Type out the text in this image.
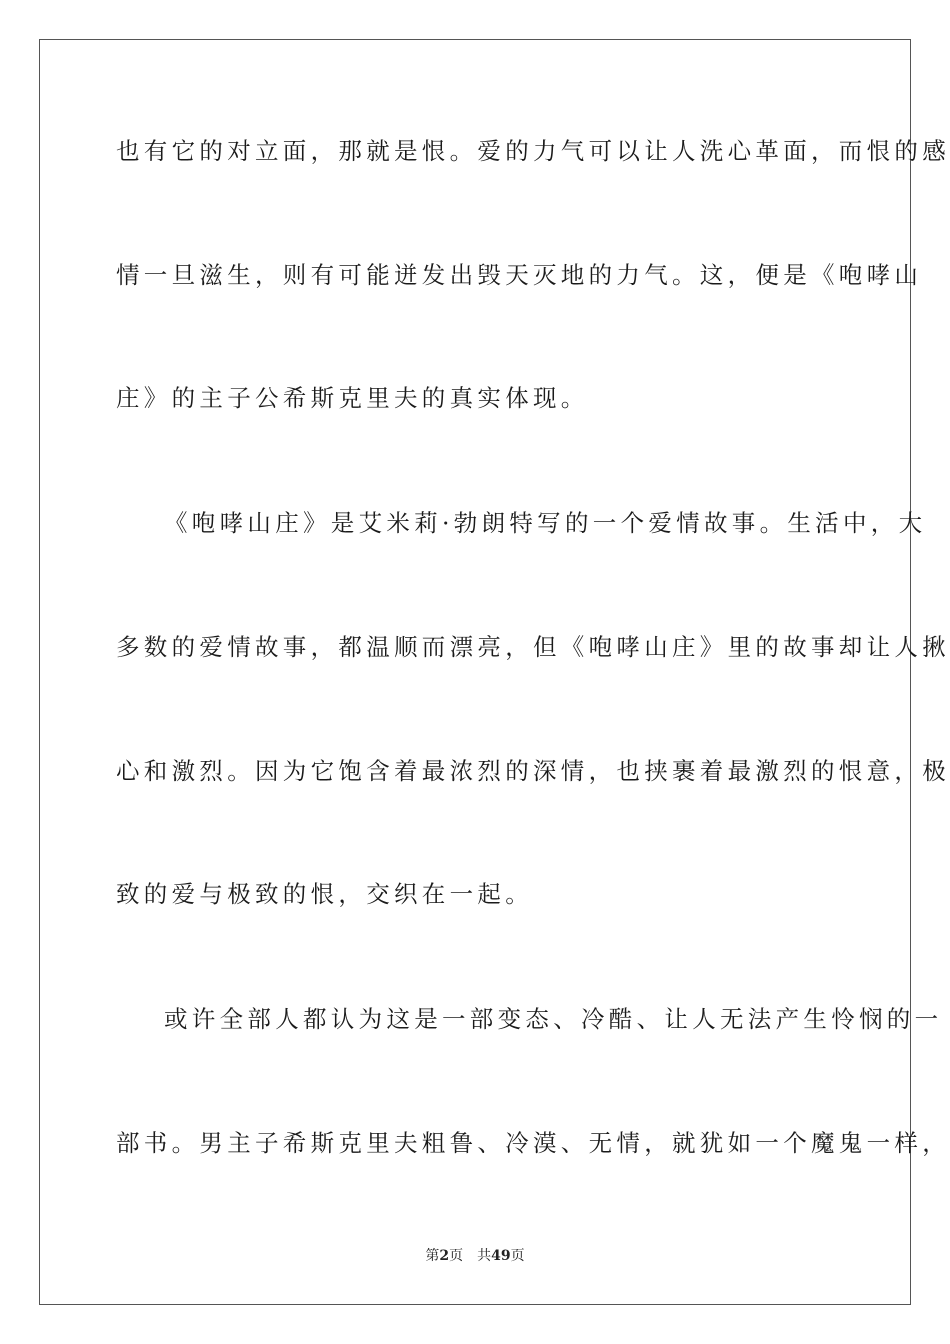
也有它的对立面，那就是恨。爱的力气可以让人洗心革面，而恨的感
情一旦滋生，则有可能迸发出毁天灭地的力气。这，便是《咆哮山
庄》的主子公希斯克里夫的真实体现。
《咆哮山庄》是艾米莉·勃朗特写的一个爱情故事。生活中，大
多数的爱情故事，都温顺而漂亮，但《咆哮山庄》里的故事却让人揪
心和激烈。因为它饱含着最浓烈的深情，也挟裹着最激烈的恨意，极
致的爱与极致的恨，交织在一起。
或许全部人都认为这是一部变态、冷酷、让人无法产生怜悯的一
部书。男主子希斯克里夫粗鲁、冷漠、无情，就犹如一个魔鬼一样，
第2页 共49页
